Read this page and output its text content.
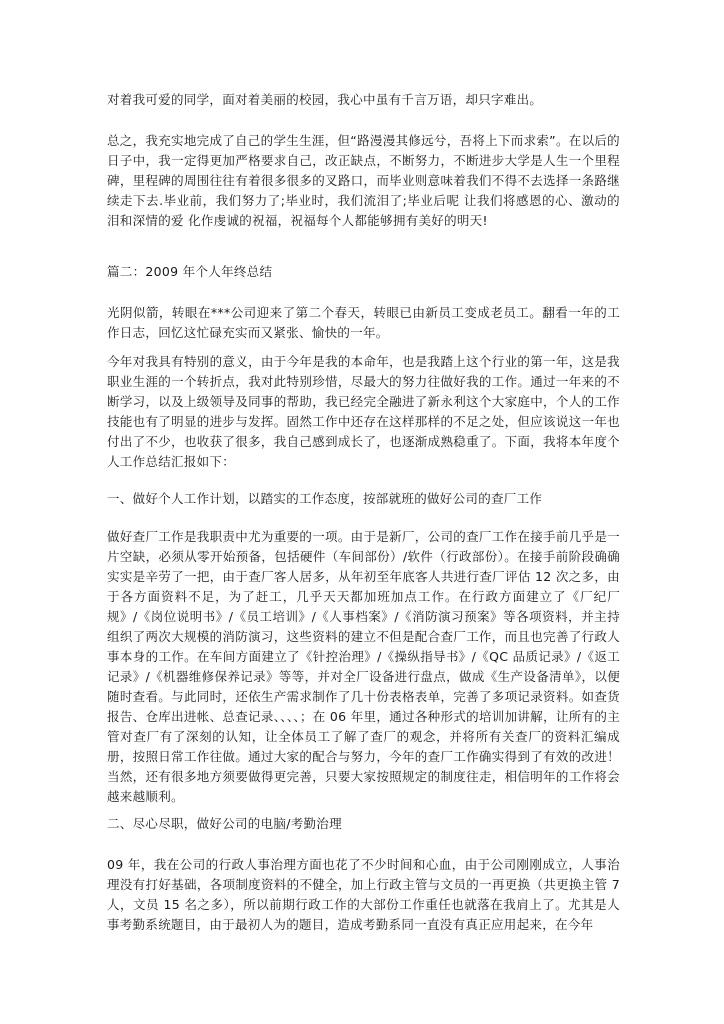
对着我可爱的同学，面对着美丽的校园，我心中虽有千言万语，却只字难出。

总之，我充实地完成了自己的学生生涯，但“路漫漫其修远兮，吾将上下而求索”。在以后的日子中，我一定得更加严格要求自己，改正缺点，不断努力，不断进步大学是人生一个里程碑，里程碑的周围往往有着很多很多的叉路口，而毕业则意味着我们不得不去选择一条路继续走下去.毕业前，我们努力了;毕业时，我们流泪了;毕业后呢 让我们将感恩的心、激动的泪和深情的爱 化作虔诚的祝福，祝福每个人都能够拥有美好的明天!

篇二：2009 年个人年终总结

光阴似箭，转眼在***公司迎来了第二个春天，转眼已由新员工变成老员工。翻看一年的工作日志，回忆这忙碌充实而又紧张、愉快的一年。

今年对我具有特别的意义，由于今年是我的本命年，也是我踏上这个行业的第一年，这是我职业生涯的一个转折点，我对此特别珍惜，尽最大的努力往做好我的工作。通过一年来的不断学习，以及上级领导及同事的帮助，我已经完全融进了新永利这个大家庭中，个人的工作技能也有了明显的进步与发挥。固然工作中还存在这样那样的不足之处，但应该说这一年也付出了不少，也收获了很多，我自己感到成长了，也逐渐成熟稳重了。下面，我将本年度个人工作总结汇报如下：

一、做好个人工作计划，以踏实的工作态度，按部就班的做好公司的查厂工作

做好查厂工作是我职责中尤为重要的一项。由于是新厂，公司的查厂工作在接手前几乎是一片空缺，必须从零开始预备，包括硬件（车间部份）/软件（行政部份）。在接手前阶段确确实实是辛劳了一把，由于查厂客人居多，从年初至年底客人共进行查厂评估 12 次之多，由于各方面资料不足，为了赶工，几乎天天都加班加点工作。在行政方面建立了《厂纪厂规》/《岗位说明书》/《员工培训》/《人事档案》/《消防演习预案》等各项资料，并主持组织了两次大规模的消防演习，这些资料的建立不但是配合查厂工作，而且也完善了行政人事本身的工作。在车间方面建立了《针控治理》/《操纵指导书》/《QC 品质记录》/《返工记录》/《机器维修保养记录》等等，并对全厂设备进行盘点，做成《生产设备清单》，以便随时查看。与此同时，还依生产需求制作了几十份表格表单，完善了多项记录资料。如查货报告、仓库出进帐、总查记录、、、、；在 06 年里，通过各种形式的培训加讲解，让所有的主管对查厂有了深刻的认知，让全体员工了解了查厂的观念，并将所有关查厂的资料汇编成册，按照日常工作往做。通过大家的配合与努力，今年的查厂工作确实得到了有效的改进！当然，还有很多地方须要做得更完善，只要大家按照规定的制度往走，相信明年的工作将会越来越顺利。

二、尽心尽职，做好公司的电脑/考勤治理

09 年，我在公司的行政人事治理方面也花了不少时间和心血，由于公司刚刚成立，人事治理没有打好基础，各项制度资料的不健全，加上行政主管与文员的一再更换（共更换主管 7 人，文员 15 名之多），所以前期行政工作的大部份工作重任也就落在我肩上了。尤其是人事考勤系统题目，由于最初人为的题目，造成考勤系同一直没有真正应用起来，在今年
